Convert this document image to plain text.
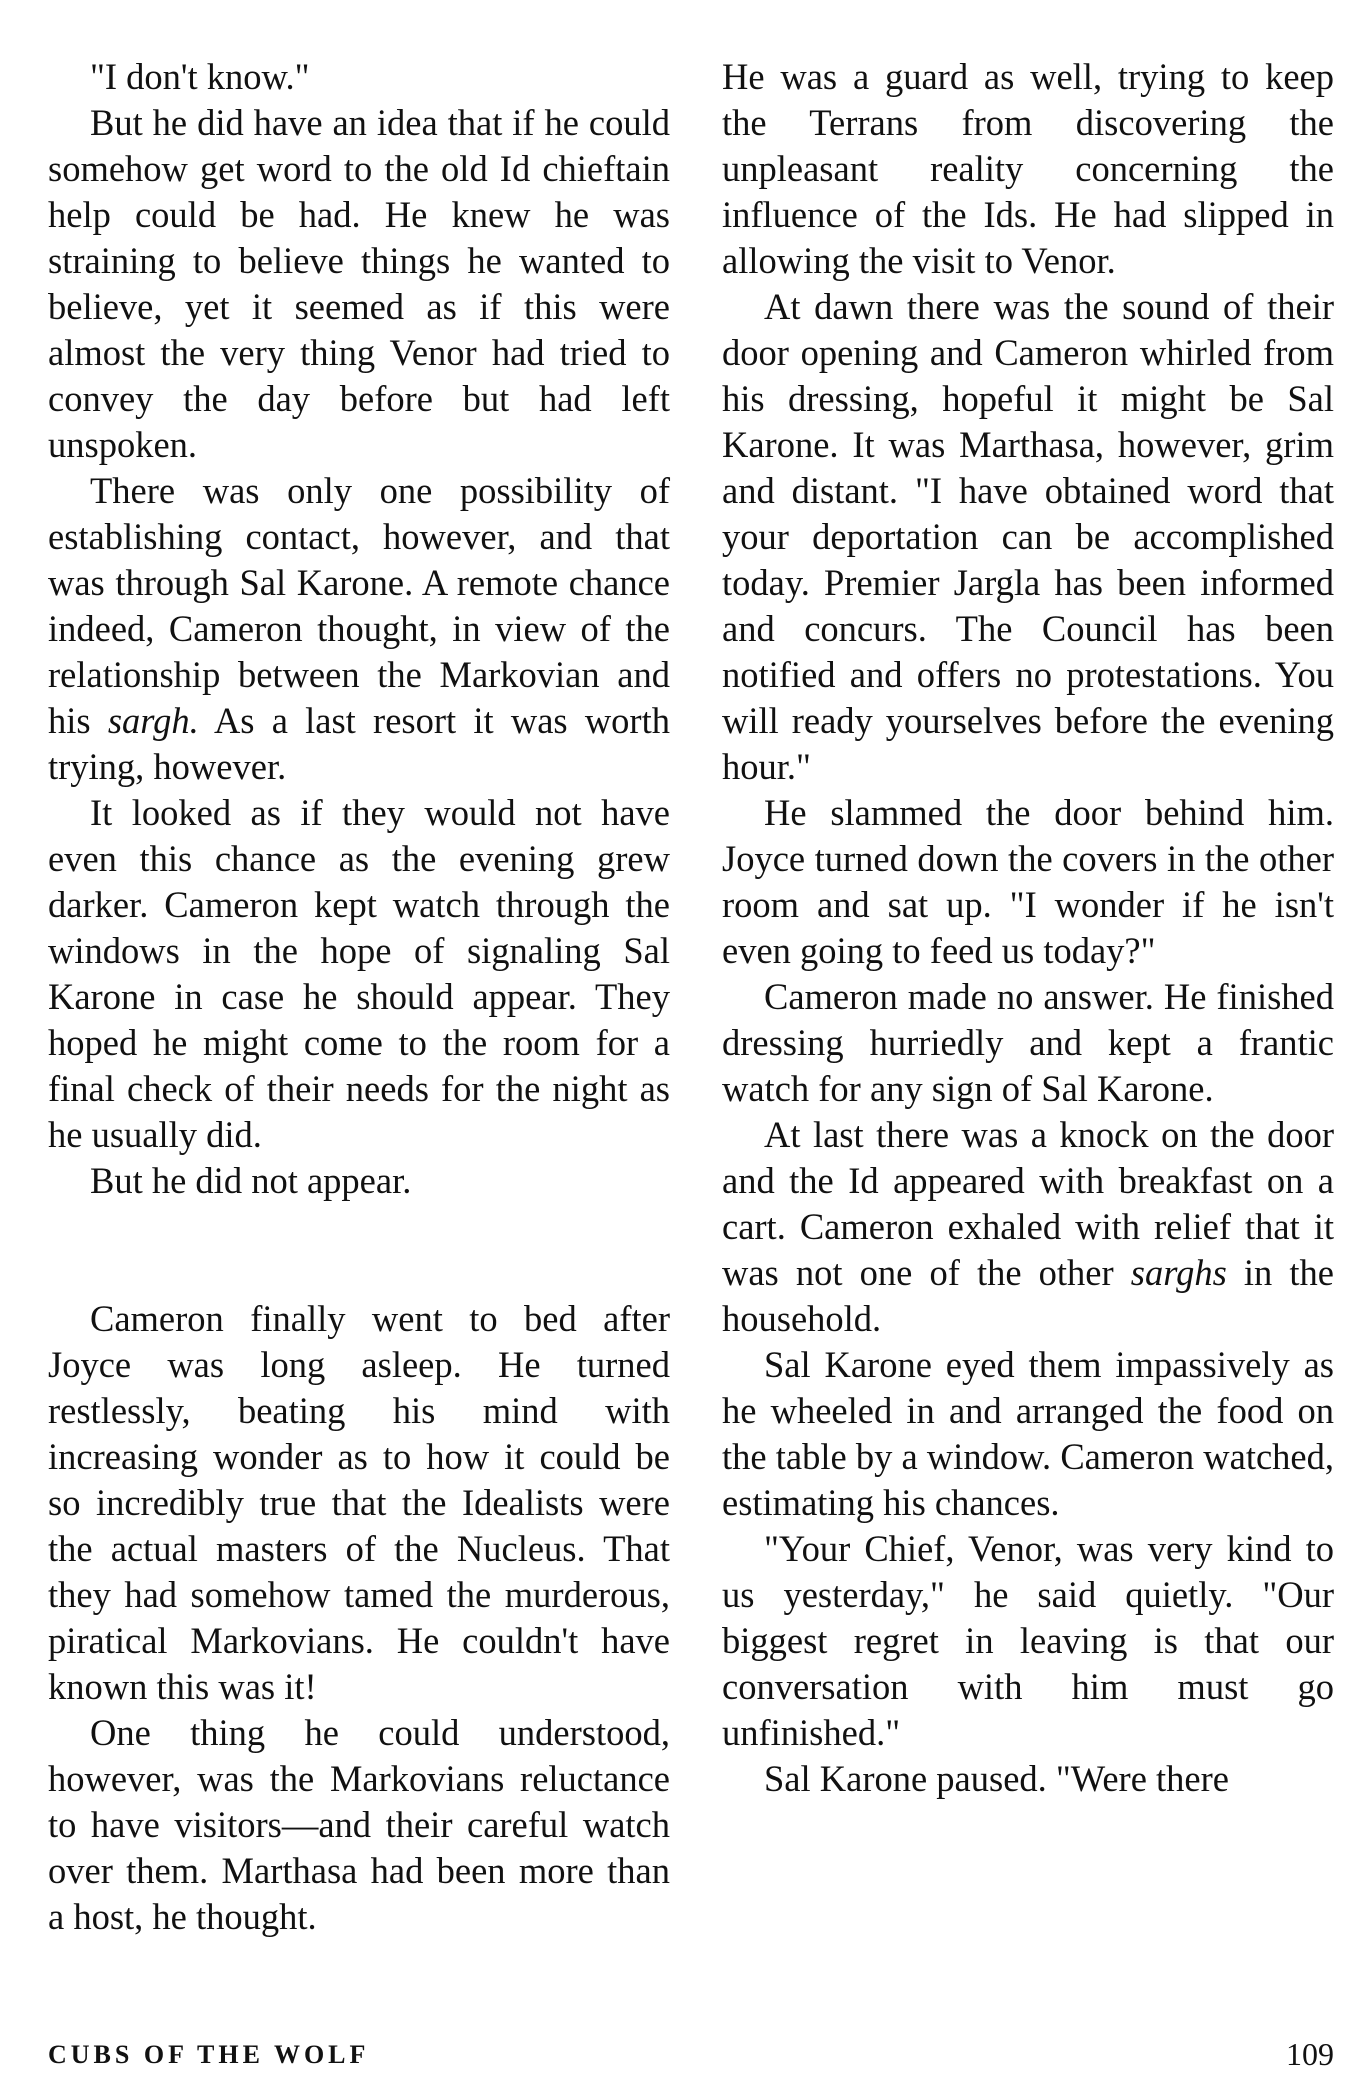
"I don't know."

But he did have an idea that if he could somehow get word to the old Id chieftain help could be had. He knew he was straining to believe things he wanted to believe, yet it seemed as if this were almost the very thing Venor had tried to convey the day before but had left unspoken.

There was only one possibility of establishing contact, however, and that was through Sal Karone. A remote chance indeed, Cameron thought, in view of the relationship between the Markovian and his sargh. As a last resort it was worth trying, however.

It looked as if they would not have even this chance as the evening grew darker. Cameron kept watch through the windows in the hope of signaling Sal Karone in case he should appear. They hoped he might come to the room for a final check of their needs for the night as he usually did.

But he did not appear.

Cameron finally went to bed after Joyce was long asleep. He turned restlessly, beating his mind with increasing wonder as to how it could be so incredibly true that the Idealists were the actual masters of the Nucleus. That they had somehow tamed the murderous, piratical Markovians. He couldn't have known this was it!

One thing he could understood, however, was the Markovians reluctance to have visitors—and their careful watch over them. Marthasa had been more than a host, he thought.

He was a guard as well, trying to keep the Terrans from discovering the unpleasant reality concerning the influence of the Ids. He had slipped in allowing the visit to Venor.

At dawn there was the sound of their door opening and Cameron whirled from his dressing, hopeful it might be Sal Karone. It was Marthasa, however, grim and distant. "I have obtained word that your deportation can be accomplished today. Premier Jargla has been informed and concurs. The Council has been notified and offers no protestations. You will ready yourselves before the evening hour."

He slammed the door behind him. Joyce turned down the covers in the other room and sat up. "I wonder if he isn't even going to feed us today?"

Cameron made no answer. He finished dressing hurriedly and kept a frantic watch for any sign of Sal Karone.

At last there was a knock on the door and the Id appeared with breakfast on a cart. Cameron exhaled with relief that it was not one of the other sarghs in the household.

Sal Karone eyed them impassively as he wheeled in and arranged the food on the table by a window. Cameron watched, estimating his chances.

"Your Chief, Venor, was very kind to us yesterday," he said quietly. "Our biggest regret in leaving is that our conversation with him must go unfinished."

Sal Karone paused. "Were there

CUBS OF THE WOLF	109
